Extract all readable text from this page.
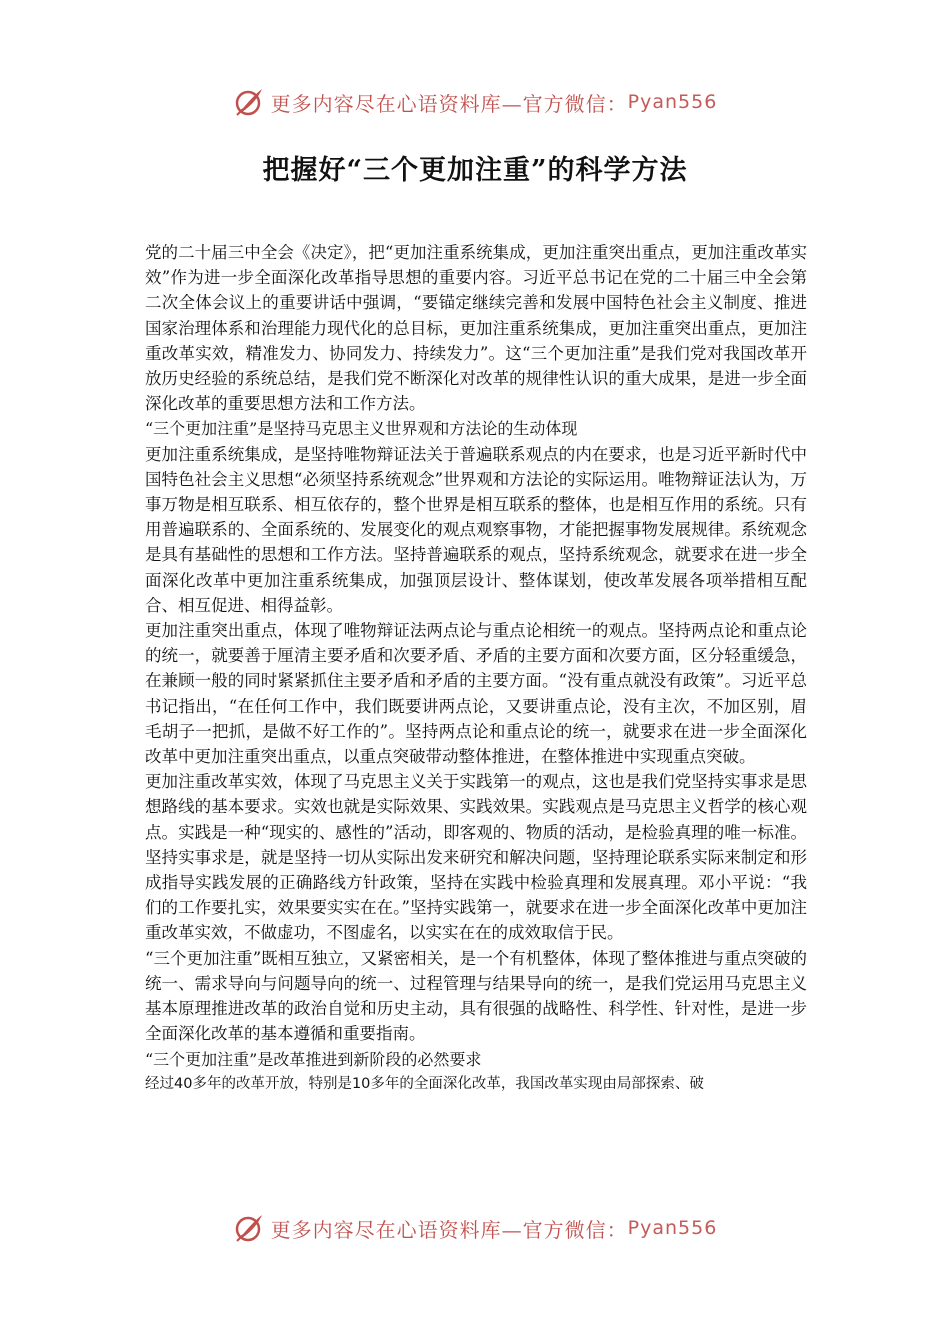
更多内容尽在心语资料库—官方微信： Pyan556
把握好“三个更加注重”的科学方法

党的二十届三中全会《决定》，把“更加注重系统集成，更加注重突出重点，更加注重改革实效”作为进一步全面深化改革指导思想的重要内容。习近平总书记在党的二十届三中全会第二次全体会议上的重要讲话中强调，“要锚定继续完善和发展中国特色社会主义制度、推进国家治理体系和治理能力现代化的总目标，更加注重系统集成，更加注重突出重点，更加注重改革实效，精准发力、协同发力、持续发力”。这“三个更加注重”是我们党对我国改革开放历史经验的系统总结，是我们党不断深化对改革的规律性认识的重大成果，是进一步全面深化改革的重要思想方法和工作方法。

“三个更加注重”是坚持马克思主义世界观和方法论的生动体现

更加注重系统集成，是坚持唯物辩证法关于普遍联系观点的内在要求，也是习近平新时代中国特色社会主义思想“必须坚持系统观念”世界观和方法论的实际运用。唯物辩证法认为，万事万物是相互联系、相互依存的，整个世界是相互联系的整体，也是相互作用的系统。只有用普遍联系的、全面系统的、发展变化的观点观察事物，才能把握事物发展规律。系统观念是具有基础性的思想和工作方法。坚持普遍联系的观点，坚持系统观念，就要求在进一步全面深化改革中更加注重系统集成，加强顶层设计、整体谋划，使改革发展各项举措相互配合、相互促进、相得益彰。

更加注重突出重点，体现了唯物辩证法两点论与重点论相统一的观点。坚持两点论和重点论的统一，就要善于厘清主要矛盾和次要矛盾、矛盾的主要方面和次要方面，区分轻重缓急，在兼顾一般的同时紧紧抓住主要矛盾和矛盾的主要方面。“没有重点就没有政策”。习近平总书记指出，“在任何工作中，我们既要讲两点论，又要讲重点论，没有主次，不加区别，眉毛胡子一把抓，是做不好工作的”。坚持两点论和重点论的统一，就要求在进一步全面深化改革中更加注重突出重点，以重点突破带动整体推进，在整体推进中实现重点突破。

更加注重改革实效，体现了马克思主义关于实践第一的观点，这也是我们党坚持实事求是思想路线的基本要求。实效也就是实际效果、实践效果。实践观点是马克思主义哲学的核心观点。实践是一种“现实的、感性的”活动，即客观的、物质的活动，是检验真理的唯一标准。坚持实事求是，就是坚持一切从实际出发来研究和解决问题，坚持理论联系实际来制定和形成指导实践发展的正确路线方针政策，坚持在实践中检验真理和发展真理。邓小平说：“我们的工作要扎实，效果要实实在在。”坚持实践第一，就要求在进一步全面深化改革中更加注重改革实效，不做虚功，不图虚名，以实实在在的成效取信于民。

“三个更加注重”既相互独立，又紧密相关，是一个有机整体，体现了整体推进与重点突破的统一、需求导向与问题导向的统一、过程管理与结果导向的统一，是我们党运用马克思主义基本原理推进改革的政治自觉和历史主动，具有很强的战略性、科学性、针对性，是进一步全面深化改革的基本遵循和重要指南。

“三个更加注重”是改革推进到新阶段的必然要求

经过40多年的改革开放，特别是10多年的全面深化改革，我国改革实现由局部探索、破

更多内容尽在心语资料库—官方微信： Pyan556
